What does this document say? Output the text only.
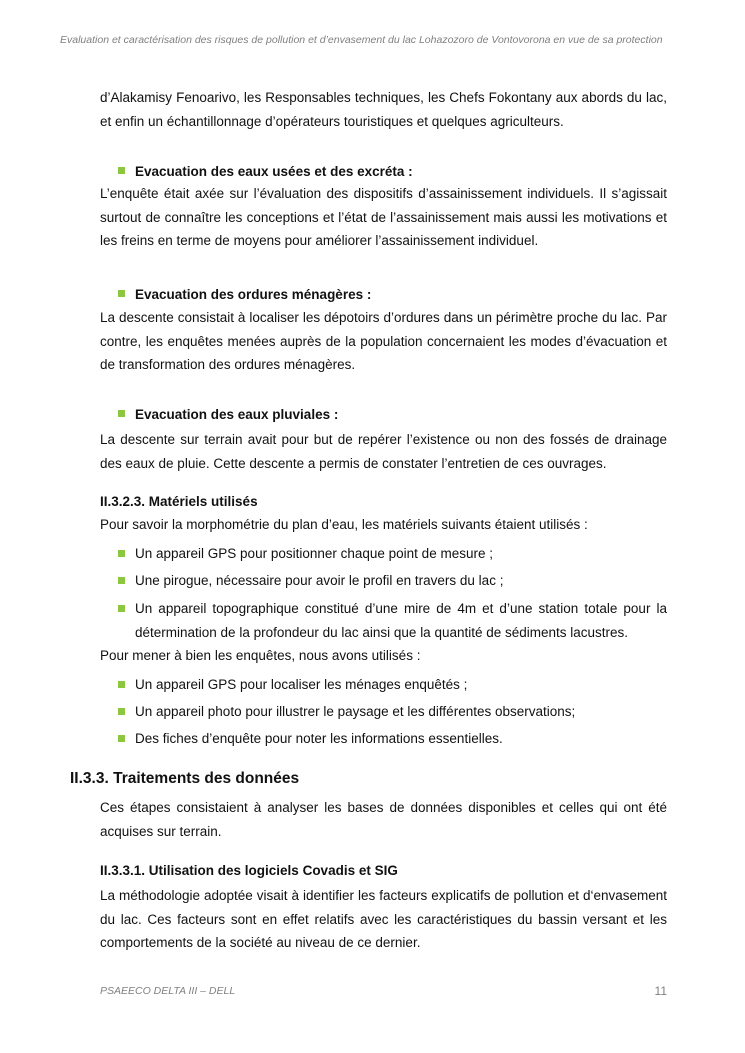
Evaluation et caractérisation des risques de pollution et d’envasement du lac Lohazozoro de Vontovorona en vue de sa protection
d’Alakamisy Fenoarivo, les Responsables techniques, les Chefs Fokontany aux abords du lac,
et enfin un échantillonnage d’opérateurs touristiques et quelques agriculteurs.
Evacuation des eaux usées et des excréta :
L’enquête était axée sur l’évaluation des dispositifs d’assainissement individuels. Il s’agissait surtout de connaître les conceptions et l’état de l’assainissement mais aussi les motivations et les freins en terme de moyens pour améliorer l’assainissement individuel.
Evacuation des ordures ménagères :
La descente consistait à localiser les dépotoirs d’ordures dans un périmètre proche du lac. Par contre, les enquêtes menées auprès de la population concernaient les modes d’évacuation et de transformation des ordures ménagères.
Evacuation des eaux pluviales :
La descente sur terrain avait pour but de repérer l’existence ou non des fossés de drainage des eaux de pluie. Cette descente a permis de constater l’entretien de ces ouvrages.
II.3.2.3. Matériels utilisés
Pour savoir la morphométrie du plan d’eau, les matériels suivants étaient utilisés :
Un appareil GPS pour positionner chaque point de mesure ;
Une pirogue, nécessaire pour avoir le profil en travers du lac ;
Un appareil topographique constitué d’une mire de 4m et d’une station totale pour la détermination de la profondeur du lac ainsi que la quantité de sédiments lacustres.
Pour mener à bien les enquêtes, nous avons utilisés :
Un appareil GPS pour localiser les ménages enquêtés ;
Un appareil photo pour illustrer le paysage et les différentes observations;
Des fiches d’enquête pour noter les informations essentielles.
II.3.3. Traitements des données
Ces étapes consistaient à analyser les bases de données disponibles et celles qui ont été acquises sur terrain.
II.3.3.1. Utilisation des logiciels Covadis et SIG
La méthodologie adoptée visait à identifier les facteurs explicatifs de pollution et d‘envasement du lac. Ces facteurs sont en effet relatifs avec les caractéristiques du bassin versant et les comportements de la société au niveau de ce dernier.
PSAEECO DELTA III – DELL	11
